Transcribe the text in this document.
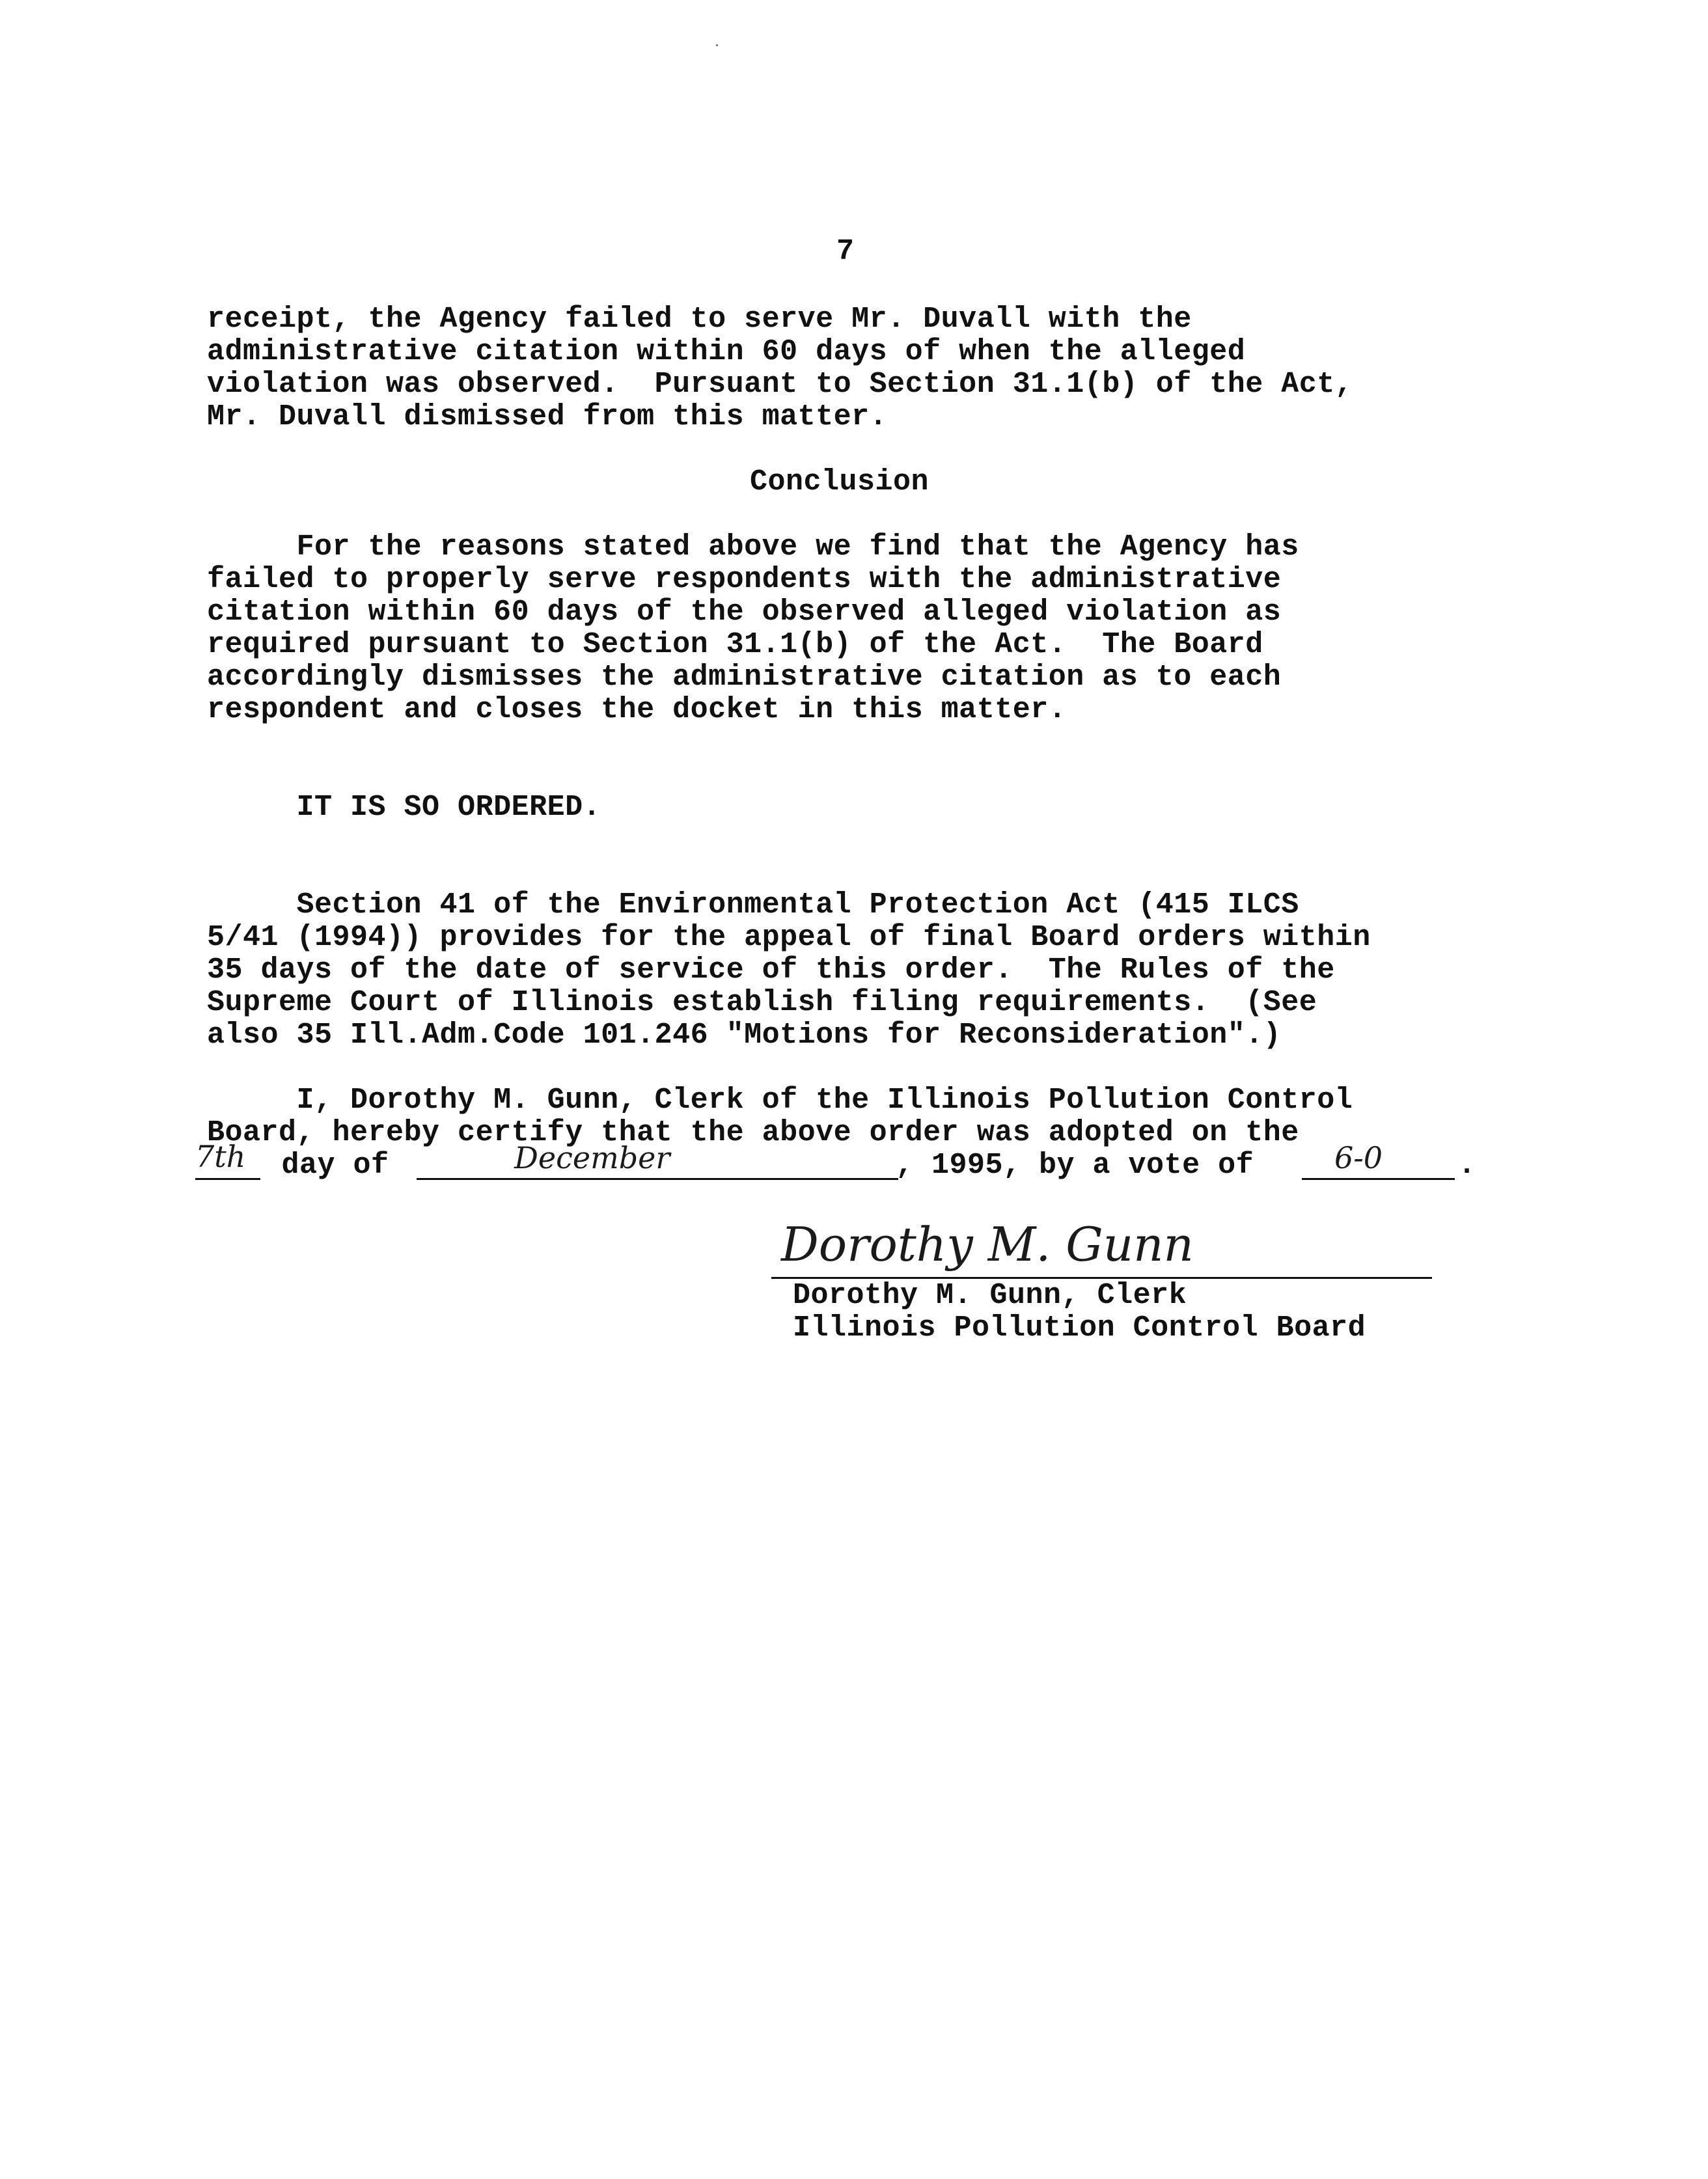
7
receipt, the Agency failed to serve Mr. Duvall with the
administrative citation within 60 days of when the alleged
violation was observed.  Pursuant to Section 31.1(b) of the Act,
Mr. Duvall dismissed from this matter.
Conclusion
For the reasons stated above we find that the Agency has
failed to properly serve respondents with the administrative
citation within 60 days of the observed alleged violation as
required pursuant to Section 31.1(b) of the Act.  The Board
accordingly dismisses the administrative citation as to each
respondent and closes the docket in this matter.
IT IS SO ORDERED.
Section 41 of the Environmental Protection Act (415 ILCS
5/41 (1994)) provides for the appeal of final Board orders within
35 days of the date of service of this order.  The Rules of the
Supreme Court of Illinois establish filing requirements.  (See
also 35 Ill.Adm.Code 101.246 "Motions for Reconsideration".)
I, Dorothy M. Gunn, Clerk of the Illinois Pollution Control
Board, hereby certify that the above order was adopted on the
7th day of	December	, 1995, by a vote of	6-0	.
Dorothy M. Gunn
Dorothy M. Gunn, Clerk
Illinois Pollution Control Board
